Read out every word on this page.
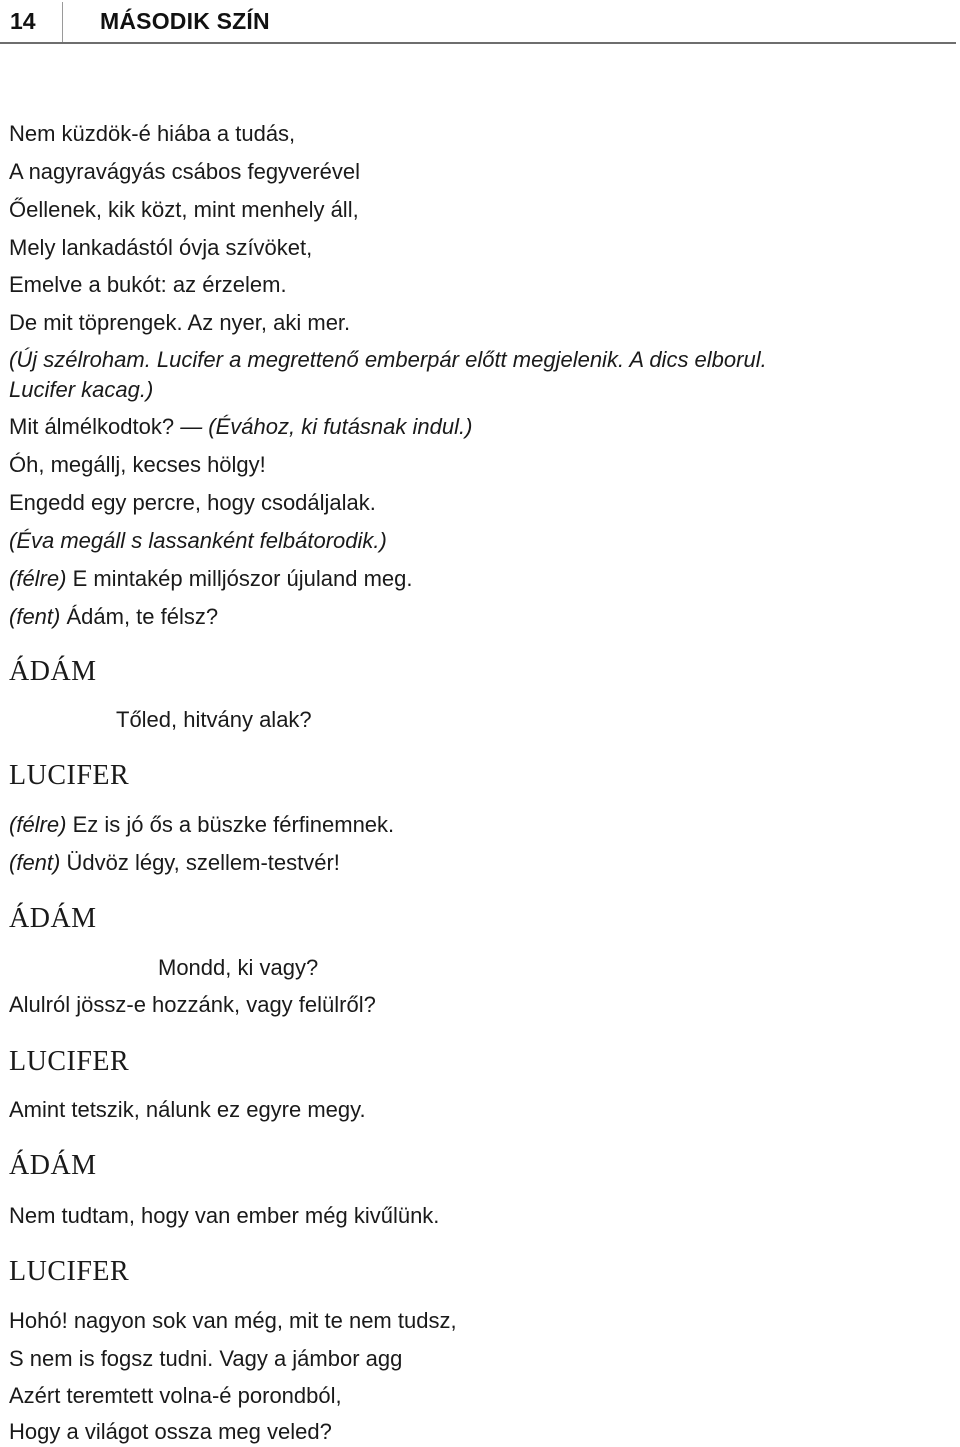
14	MÁSODIK SZÍN
Nem küzdök-é hiába a tudás,
A nagyravágyás csábos fegyverével
Őellenek, kik közt, mint menhely áll,
Mely lankadástól óvja szívöket,
Emelve a bukót: az érzelem.
De mit töprengek. Az nyer, aki mer.
(Új szélroham. Lucifer a megrettenő emberpár előtt megjelenik. A dics elborul.
Lucifer kacag.)
Mit álmélkodtok? — (Évához, ki futásnak indul.)
Óh, megállj, kecses hölgy!
Engedd egy percre, hogy csodáljalak.
(Éva megáll s lassanként felbátorodik.)
(félre) E mintakép milljószor újuland meg.
(fent) Ádám, te félsz?
ÁDÁM
Tőled, hitvány alak?
LUCIFER
(félre) Ez is jó ős a büszke férfinemnek.
(fent) Üdvöz légy, szellem-testvér!
ÁDÁM
Mondd, ki vagy?
Alulról jössz-e hozzánk, vagy felülről?
LUCIFER
Amint tetszik, nálunk ez egyre megy.
ÁDÁM
Nem tudtam, hogy van ember még kivűlünk.
LUCIFER
Hohó! nagyon sok van még, mit te nem tudsz,
S nem is fogsz tudni. Vagy a jámbor agg
Azért teremtett volna-é porondból,
Hogy a világot ossza meg veled?
